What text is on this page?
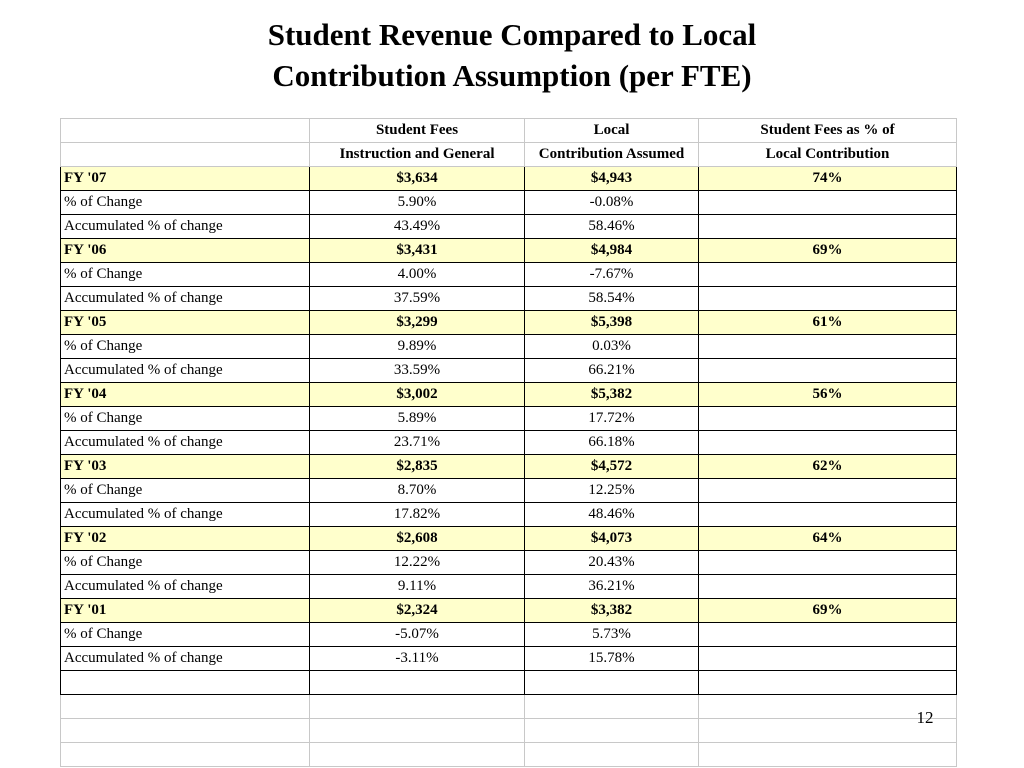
Student Revenue Compared to Local
Contribution Assumption (per FTE)
	Student Fees	Local	Student Fees as % of
	Instruction and General	Contribution Assumed	Local Contribution
FY '07	$3,634	$4,943	74%
% of Change	5.90%	-0.08%	
Accumulated % of change	43.49%	58.46%	
FY '06	$3,431	$4,984	69%
% of Change	4.00%	-7.67%	
Accumulated % of change	37.59%	58.54%	
FY '05	$3,299	$5,398	61%
% of Change	9.89%	0.03%	
Accumulated % of change	33.59%	66.21%	
FY '04	$3,002	$5,382	56%
% of Change	5.89%	17.72%	
Accumulated % of change	23.71%	66.18%	
FY '03	$2,835	$4,572	62%
% of Change	8.70%	12.25%	
Accumulated % of change	17.82%	48.46%	
FY '02	$2,608	$4,073	64%
% of Change	12.22%	20.43%	
Accumulated % of change	9.11%	36.21%	
FY '01	$2,324	$3,382	69%
% of Change	-5.07%	5.73%	
Accumulated % of change	-3.11%	15.78%	

12
